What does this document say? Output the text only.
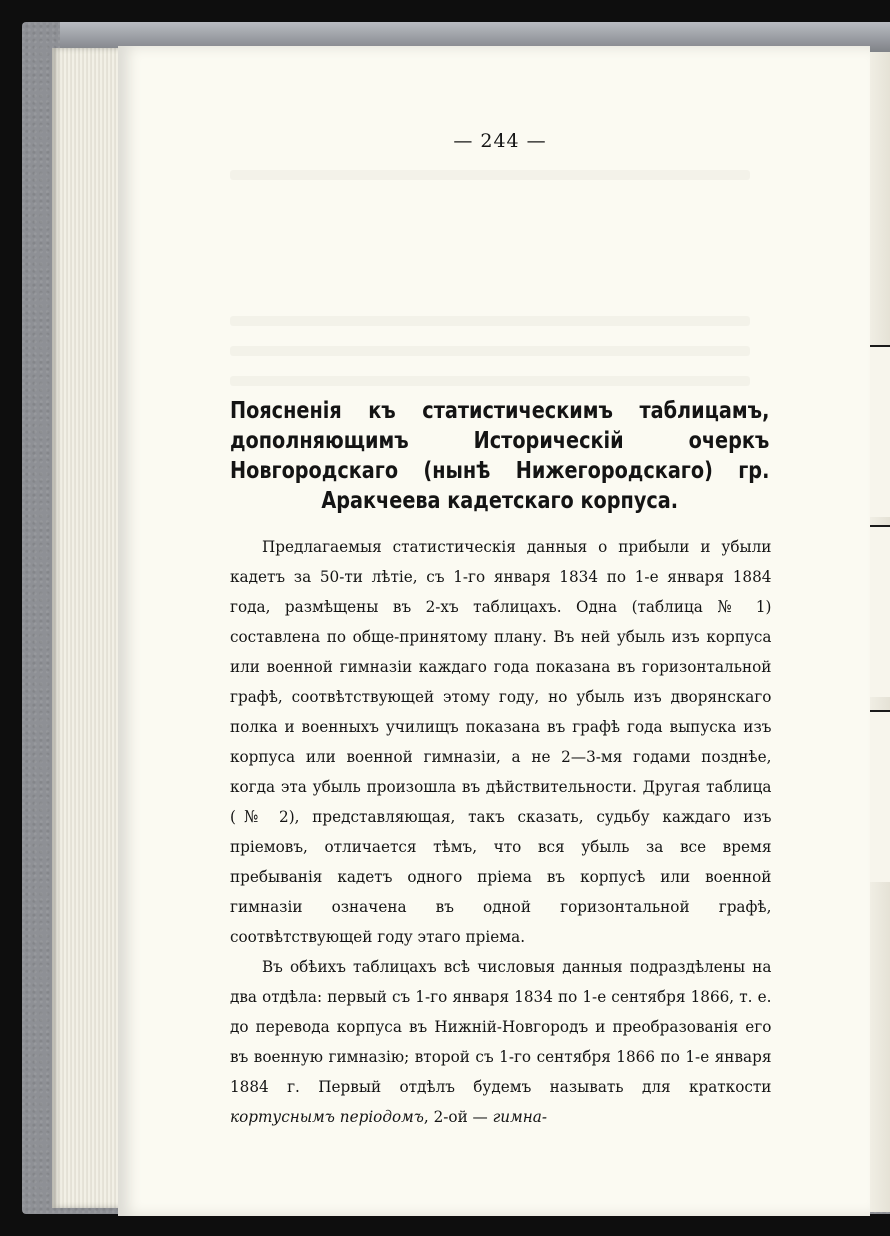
— 244 —
Поясненія къ статистическимъ таблицамъ, дополняющимъ Историческій очеркъ Новгородскаго (нынѣ Нижегородскаго) гр. Аракчеева кадетскаго корпуса.
Предлагаемыя статистическія данныя о прибыли и убыли кадетъ за 50-ти лѣтіе, съ 1-го января 1834 по 1-е января 1884 года, размѣщены въ 2-хъ таблицахъ. Одна (таблица № 1) составлена по обще-принятому плану. Въ ней убыль изъ корпуса или военной гимназіи каждаго года показана въ горизонтальной графѣ, соотвѣтствующей этому году, но убыль изъ дворянскаго полка и военныхъ училищъ показана въ графѣ года выпуска изъ корпуса или военной гимназіи, а не 2—3-мя годами позднѣе, когда эта убыль произошла въ дѣйствительности. Другая таблица (№ 2), представляющая, такъ сказать, судьбу каждаго изъ пріемовъ, отличается тѣмъ, что вся убыль за все время пребыванія кадетъ одного пріема въ корпусѣ или военной гимназіи означена въ одной горизонтальной графѣ, соотвѣтствующей году этаго пріема.
Въ обѣихъ таблицахъ всѣ числовыя данныя подраздѣлены на два отдѣла: первый съ 1-го января 1834 по 1-е сентября 1866, т. е. до перевода корпуса въ Нижній-Новгородъ и преобразованія его въ военную гимназію; второй съ 1-го сентября 1866 по 1-е января 1884 г. Первый отдѣлъ будемъ называть для краткости кортуснымъ періодомъ, 2-ой — гимна-
